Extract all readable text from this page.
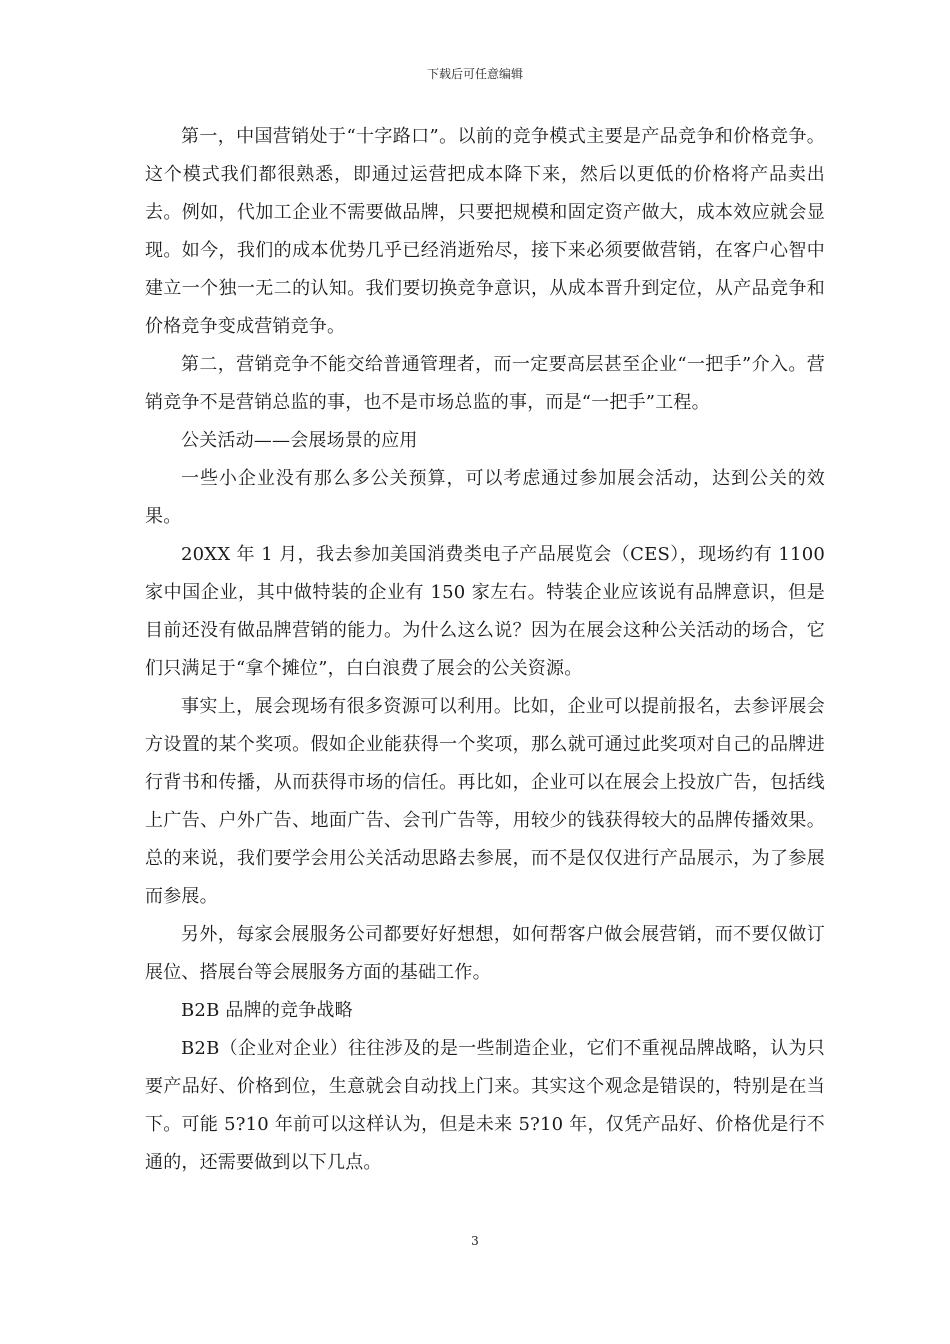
下载后可任意编辑

第一，中国营销处于“十字路口”。以前的竞争模式主要是产品竞争和价格竞争。这个模式我们都很熟悉，即通过运营把成本降下来，然后以更低的价格将产品卖出去。例如，代加工企业不需要做品牌，只要把规模和固定资产做大，成本效应就会显现。如今，我们的成本优势几乎已经消逝殆尽，接下来必须要做营销，在客户心智中建立一个独一无二的认知。我们要切换竞争意识，从成本晋升到定位，从产品竞争和价格竞争变成营销竞争。

第二，营销竞争不能交给普通管理者，而一定要高层甚至企业“一把手”介入。营销竞争不是营销总监的事，也不是市场总监的事，而是“一把手”工程。

公关活动——会展场景的应用

一些小企业没有那么多公关预算，可以考虑通过参加展会活动，达到公关的效果。

20XX 年 1 月，我去参加美国消费类电子产品展览会（CES），现场约有 1100 家中国企业，其中做特装的企业有 150 家左右。特装企业应该说有品牌意识，但是目前还没有做品牌营销的能力。为什么这么说？因为在展会这种公关活动的场合，它们只满足于“拿个摊位”，白白浪费了展会的公关资源。

事实上，展会现场有很多资源可以利用。比如，企业可以提前报名，去参评展会方设置的某个奖项。假如企业能获得一个奖项，那么就可通过此奖项对自己的品牌进行背书和传播，从而获得市场的信任。再比如，企业可以在展会上投放广告，包括线上广告、户外广告、地面广告、会刊广告等，用较少的钱获得较大的品牌传播效果。总的来说，我们要学会用公关活动思路去参展，而不是仅仅进行产品展示，为了参展而参展。

另外，每家会展服务公司都要好好想想，如何帮客户做会展营销，而不要仅做订展位、搭展台等会展服务方面的基础工作。

B2B 品牌的竞争战略

B2B（企业对企业）往往涉及的是一些制造企业，它们不重视品牌战略，认为只要产品好、价格到位，生意就会自动找上门来。其实这个观念是错误的，特别是在当下。可能 5?10 年前可以这样认为，但是未来 5?10 年，仅凭产品好、价格优是行不通的，还需要做到以下几点。

3
